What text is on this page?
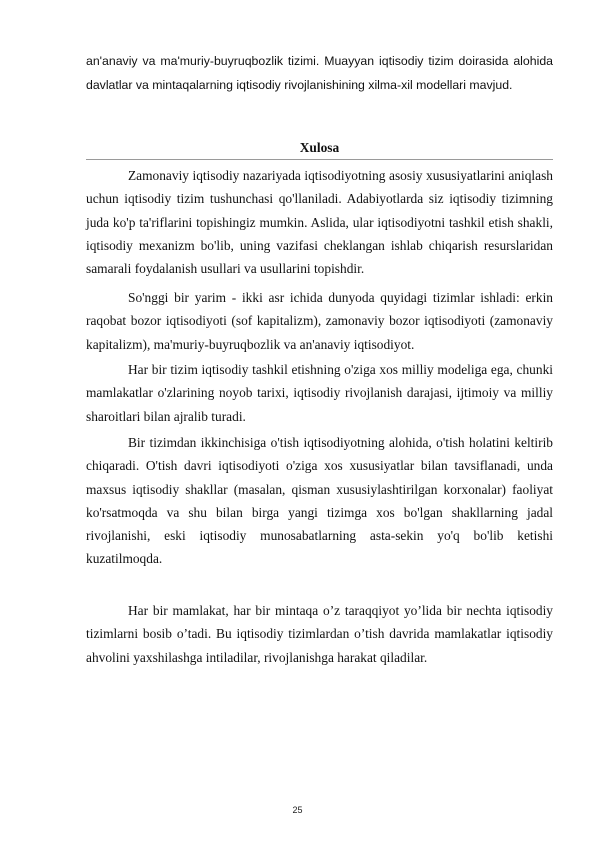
an'anaviy va ma'muriy-buyruqbozlik tizimi. Muayyan iqtisodiy tizim doirasida alohida davlatlar va mintaqalarning iqtisodiy rivojlanishining xilma-xil modellari mavjud.

Xulosa

Zamonaviy iqtisodiy nazariyada iqtisodiyotning asosiy xususiyatlarini aniqlash uchun iqtisodiy tizim tushunchasi qo'llaniladi. Adabiyotlarda siz iqtisodiy tizimning juda ko'p ta'riflarini topishingiz mumkin. Aslida, ular iqtisodiyotni tashkil etish shakli, iqtisodiy mexanizm bo'lib, uning vazifasi cheklangan ishlab chiqarish resurslaridan samarali foydalanish usullari va usullarini topishdir.

So'nggi bir yarim - ikki asr ichida dunyoda quyidagi tizimlar ishladi: erkin raqobat bozor iqtisodiyoti (sof kapitalizm), zamonaviy bozor iqtisodiyoti (zamonaviy kapitalizm), ma'muriy-buyruqbozlik va an'anaviy iqtisodiyot.

Har bir tizim iqtisodiy tashkil etishning o'ziga xos milliy modeliga ega, chunki mamlakatlar o'zlarining noyob tarixi, iqtisodiy rivojlanish darajasi, ijtimoiy va milliy sharoitlari bilan ajralib turadi.

Bir tizimdan ikkinchisiga o'tish iqtisodiyotning alohida, o'tish holatini keltirib chiqaradi. O'tish davri iqtisodiyoti o'ziga xos xususiyatlar bilan tavsiflanadi, unda maxsus iqtisodiy shakllar (masalan, qisman xususiylashtirilgan korxonalar) faoliyat ko'rsatmoqda va shu bilan birga yangi tizimga xos bo'lgan shakllarning jadal rivojlanishi, eski iqtisodiy munosabatlarning asta-sekin yo'q bo'lib ketishi kuzatilmoqda.

Har bir mamlakat, har bir mintaqa o’z taraqqiyot yo’lida bir nechta iqtisodiy tizimlarni bosib o’tadi. Bu iqtisodiy tizimlardan o’tish davrida mamlakatlar iqtisodiy ahvolini yaxshilashga intiladilar, rivojlanishga harakat qiladilar.

25
